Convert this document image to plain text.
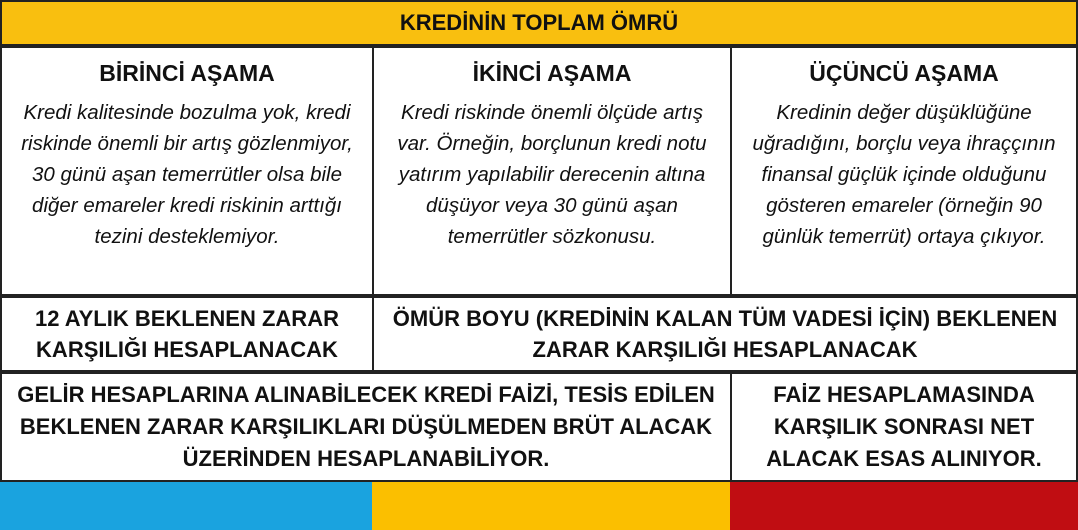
KREDİNİN TOPLAM ÖMRÜ
BİRİNCİ AŞAMA
Kredi kalitesinde bozulma yok, kredi riskinde önemli bir artış gözlenmiyor, 30 günü aşan temerrütler olsa bile diğer emareler kredi riskinin arttığı tezini desteklemiyor.
İKİNCİ AŞAMA
Kredi riskinde önemli ölçüde artış var. Örneğin, borçlunun kredi notu yatırım yapılabilir derecenin altına düşüyor veya 30 günü aşan temerrütler sözkonusu.
ÜÇÜNCÜ AŞAMA
Kredinin değer düşüklüğüne uğradığını, borçlu veya ihraççının finansal güçlük içinde olduğunu gösteren emareler (örneğin 90 günlük temerrüt) ortaya çıkıyor.
12 AYLIK BEKLENEN ZARAR KARŞILIĞI HESAPLANACAK
ÖMÜR BOYU (KREDİNİN KALAN TÜM VADESİ İÇİN) BEKLENEN ZARAR KARŞILIĞI HESAPLANACAK
GELİR HESAPLARINA ALINABİLECEK KREDİ FAİZİ, TESİS EDİLEN BEKLENEN ZARAR KARŞILIKLARI DÜŞÜLMEDEN BRÜT ALACAK ÜZERİNDEN HESAPLANABİLİYOR.
FAİZ HESAPLAMASINDA KARŞILIK SONRASI NET ALACAK ESAS ALINIYOR.
